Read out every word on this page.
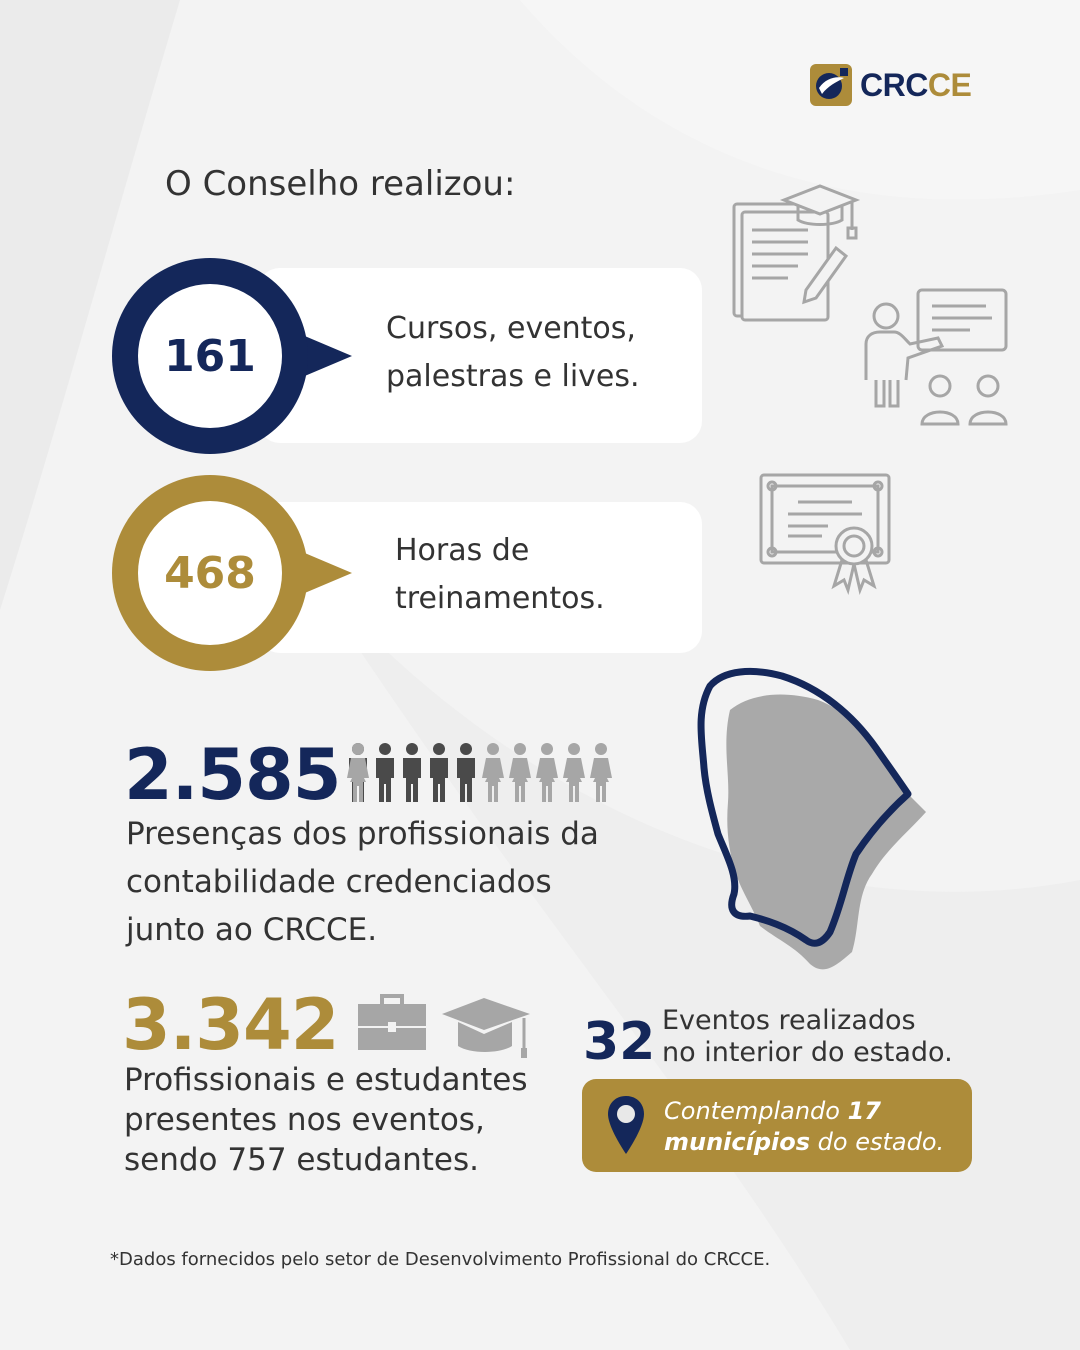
CRCCE
O Conselho realizou:
161
Cursos, eventos,
palestras e lives.
468	Horas de
treinamentos.
2.585
Presenças dos profissionais da
contabilidade credenciados
junto ao CRCCE.
3.342
Profissionais e estudantes
presentes nos eventos,
sendo 757 estudantes.
32 Eventos realizados
no interior do estado.
Contemplando 17
municípios do estado.
*Dados fornecidos pelo setor de Desenvolvimento Profissional do CRCCE.
